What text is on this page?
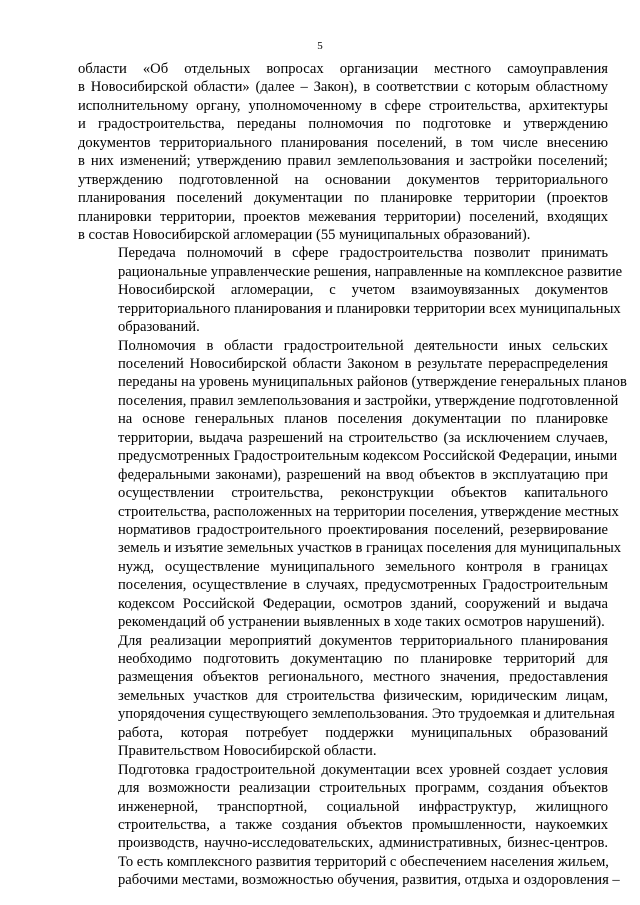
5
области «Об отдельных вопросах организации местного самоуправления
в Новосибирской области» (далее – Закон), в соответствии с которым областному
исполнительному органу, уполномоченному в сфере строительства, архитектуры
и градостроительства, переданы полномочия по подготовке и утверждению
документов территориального планирования поселений, в том числе внесению
в них изменений; утверждению правил землепользования и застройки поселений;
утверждению подготовленной на основании документов территориального
планирования поселений документации по планировке территории (проектов
планировки территории, проектов межевания территории) поселений, входящих
в состав Новосибирской агломерации (55 муниципальных образований).
Передача полномочий в сфере градостроительства позволит принимать
рациональные управленческие решения, направленные на комплексное развитие
Новосибирской агломерации, с учетом взаимоувязанных документов
территориального планирования и планировки территории всех муниципальных
образований.
Полномочия в области градостроительной деятельности иных сельских
поселений Новосибирской области Законом в результате перераспределения
переданы на уровень муниципальных районов (утверждение генеральных планов
поселения, правил землепользования и застройки, утверждение подготовленной
на основе генеральных планов поселения документации по планировке
территории, выдача разрешений на строительство (за исключением случаев,
предусмотренных Градостроительным кодексом Российской Федерации, иными
федеральными законами), разрешений на ввод объектов в эксплуатацию при
осуществлении строительства, реконструкции объектов капитального
строительства, расположенных на территории поселения, утверждение местных
нормативов градостроительного проектирования поселений, резервирование
земель и изъятие земельных участков в границах поселения для муниципальных
нужд, осуществление муниципального земельного контроля в границах
поселения, осуществление в случаях, предусмотренных Градостроительным
кодексом Российской Федерации, осмотров зданий, сооружений и выдача
рекомендаций об устранении выявленных в ходе таких осмотров нарушений).
Для реализации мероприятий документов территориального планирования
необходимо подготовить документацию по планировке территорий для
размещения объектов регионального, местного значения, предоставления
земельных участков для строительства физическим, юридическим лицам,
упорядочения существующего землепользования. Это трудоемкая и длительная
работа, которая потребует поддержки муниципальных образований
Правительством Новосибирской области.
Подготовка градостроительной документации всех уровней создает условия
для возможности реализации строительных программ, создания объектов
инженерной, транспортной, социальной инфраструктур, жилищного
строительства, а также создания объектов промышленности, наукоемких
производств, научно-исследовательских, административных, бизнес-центров.
То есть комплексного развития территорий с обеспечением населения жильем,
рабочими местами, возможностью обучения, развития, отдыха и оздоровления –
